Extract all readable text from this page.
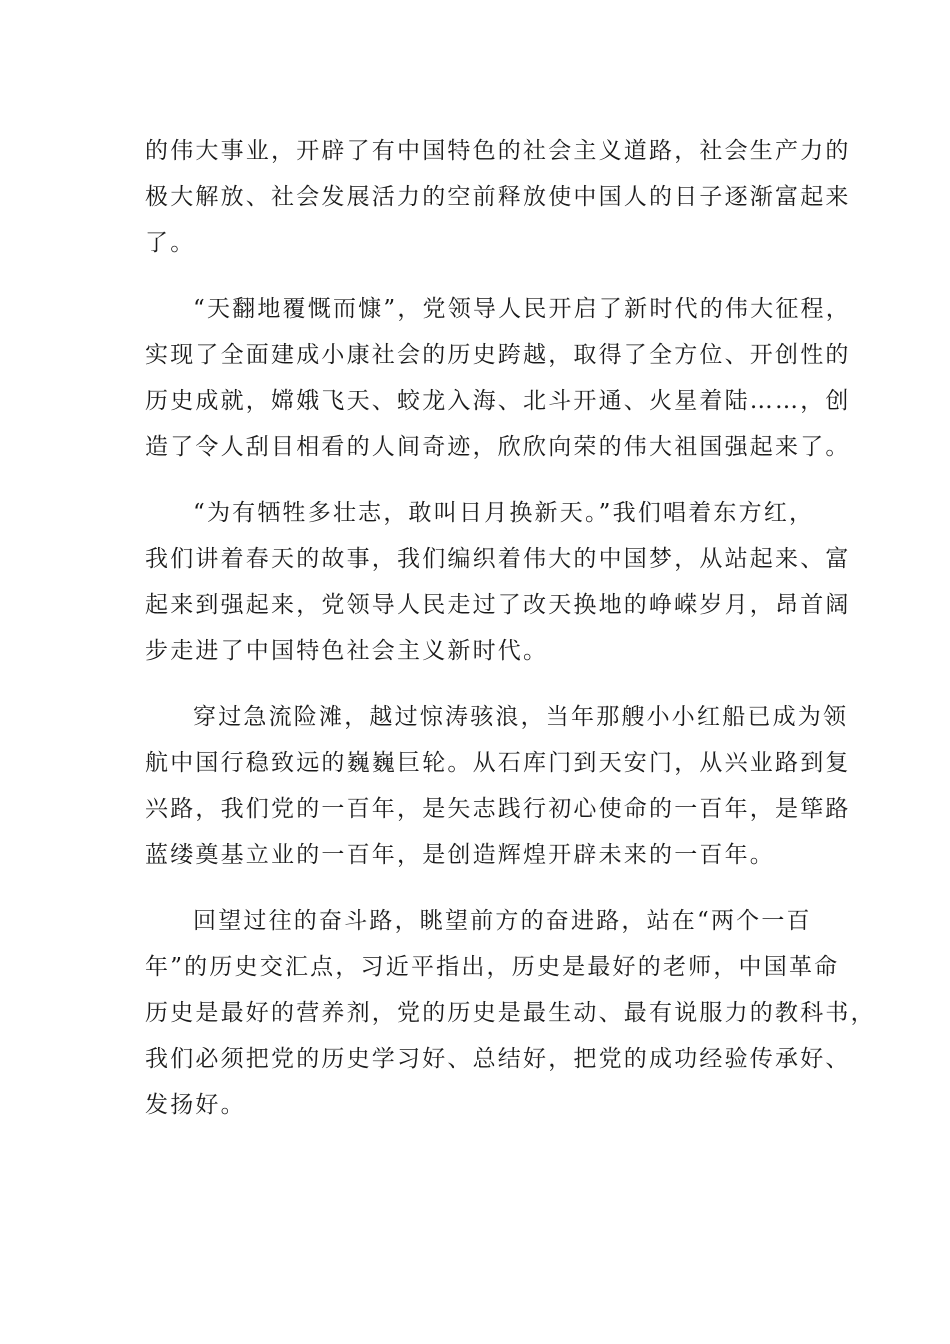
的伟大事业，开辟了有中国特色的社会主义道路，社会生产力的
极大解放、社会发展活力的空前释放使中国人的日子逐渐富起来
了。
“天翻地覆慨而慷”，党领导人民开启了新时代的伟大征程，
实现了全面建成小康社会的历史跨越，取得了全方位、开创性的
历史成就，嫦娥飞天、蛟龙入海、北斗开通、火星着陆……，创
造了令人刮目相看的人间奇迹，欣欣向荣的伟大祖国强起来了。
“为有牺牲多壮志，敢叫日月换新天。”我们唱着东方红，
我们讲着春天的故事，我们编织着伟大的中国梦，从站起来、富
起来到强起来，党领导人民走过了改天换地的峥嵘岁月，昂首阔
步走进了中国特色社会主义新时代。
穿过急流险滩，越过惊涛骇浪，当年那艘小小红船已成为领
航中国行稳致远的巍巍巨轮。从石库门到天安门，从兴业路到复
兴路，我们党的一百年，是矢志践行初心使命的一百年，是筚路
蓝缕奠基立业的一百年，是创造辉煌开辟未来的一百年。
回望过往的奋斗路，眺望前方的奋进路，站在“两个一百
年”的历史交汇点，习近平指出，历史是最好的老师，中国革命
历史是最好的营养剂，党的历史是最生动、最有说服力的教科书，
我们必须把党的历史学习好、总结好，把党的成功经验传承好、
发扬好。
